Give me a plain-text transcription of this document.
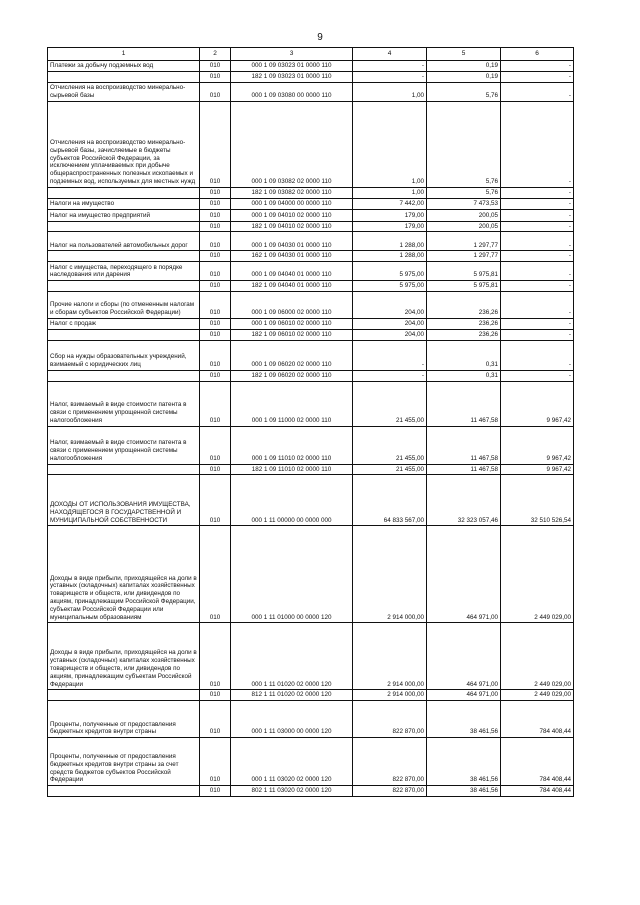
9
1	2	3	4	5	6
Платежи за добычу подземных вод	010	000 1 09 03023 01 0000 110	-	0,19	-
	010	182 1 09 03023 01 0000 110	-	0,19	-
Отчисления на воспроизводство минерально-сырьевой базы	010	000 1 09 03080 00 0000 110	1,00	5,76	-
Отчисления на воспроизводство минерально-сырьевой базы, зачисляемые в бюджеты субъектов Российской Федерации, за исключением уплачиваемых при добыче общераспространенных полезных ископаемых и подземных вод, используемых для местных нужд	010	000 1 09 03082 02 0000 110	1,00	5,76	-
	010	182 1 09 03082 02 0000 110	1,00	5,76	-
Налоги на имущество	010	000 1 09 04000 00 0000 110	7 442,00	7 473,53	-
Налог на имущество предприятий	010	000 1 09 04010 02 0000 110	179,00	200,05	-
	010	182 1 09 04010 02 0000 110	179,00	200,05	-
Налог на пользователей автомобильных дорог	010	000 1 09 04030 01 0000 110	1 288,00	1 297,77	-
	010	162 1 09 04030 01 0000 110	1 288,00	1 297,77	-
Налог с имущества, переходящего в порядке наследования или дарения	010	000 1 09 04040 01 0000 110	5 975,00	5 975,81	-
	010	182 1 09 04040 01 0000 110	5 975,00	5 975,81	-
Прочие налоги и сборы (по отмененным налогам и сборам субъектов Российской Федерации)	010	000 1 09 06000 02 0000 110	204,00	236,26	-
Налог с продаж	010	000 1 09 06010 02 0000 110	204,00	236,26	-
	010	182 1 09 06010 02 0000 110	204,00	236,26	-
Сбор на нужды образовательных учреждений, взимаемый с юридических лиц	010	000 1 09 06020 02 0000 110	-	0,31	-
	010	182 1 09 06020 02 0000 110	-	0,31	-
Налог, взимаемый в виде стоимости патента в связи с применением упрощенной системы налогообложения	010	000 1 09 11000 02 0000 110	21 455,00	11 467,58	9 967,42
Налог, взимаемый в виде стоимости патента в связи с применением упрощенной системы налогообложения	010	000 1 09 11010 02 0000 110	21 455,00	11 467,58	9 967,42
	010	182 1 09 11010 02 0000 110	21 455,00	11 467,58	9 967,42
ДОХОДЫ ОТ ИСПОЛЬЗОВАНИЯ ИМУЩЕСТВА, НАХОДЯЩЕГОСЯ В ГОСУДАРСТВЕННОЙ И МУНИЦИПАЛЬНОЙ СОБСТВЕННОСТИ	010	000 1 11 00000 00 0000 000	64 833 567,00	32 323 057,46	32 510 526,54
Доходы в виде прибыли, приходящейся на доли в уставных (складочных) капиталах хозяйственных товариществ и обществ, или дивидендов по акциям, принадлежащим Российской Федерации, субъектам Российской Федерации или муниципальным образованиям	010	000 1 11 01000 00 0000 120	2 914 000,00	464 971,00	2 449 029,00
Доходы в виде прибыли, приходящейся на доли в уставных (складочных) капиталах хозяйственных товариществ и обществ, или дивидендов по акциям, принадлежащим субъектам Российской Федерации	010	000 1 11 01020 02 0000 120	2 914 000,00	464 971,00	2 449 029,00
	010	812 1 11 01020 02 0000 120	2 914 000,00	464 971,00	2 449 029,00
Проценты, полученные от предоставления бюджетных кредитов внутри страны	010	000 1 11 03000 00 0000 120	822 870,00	38 461,56	784 408,44
Проценты, полученные от предоставления бюджетных кредитов внутри страны за счет средств бюджетов субъектов Российской Федерации	010	000 1 11 03020 02 0000 120	822 870,00	38 461,56	784 408,44
	010	802 1 11 03020 02 0000 120	822 870,00	38 461,56	784 408,44
